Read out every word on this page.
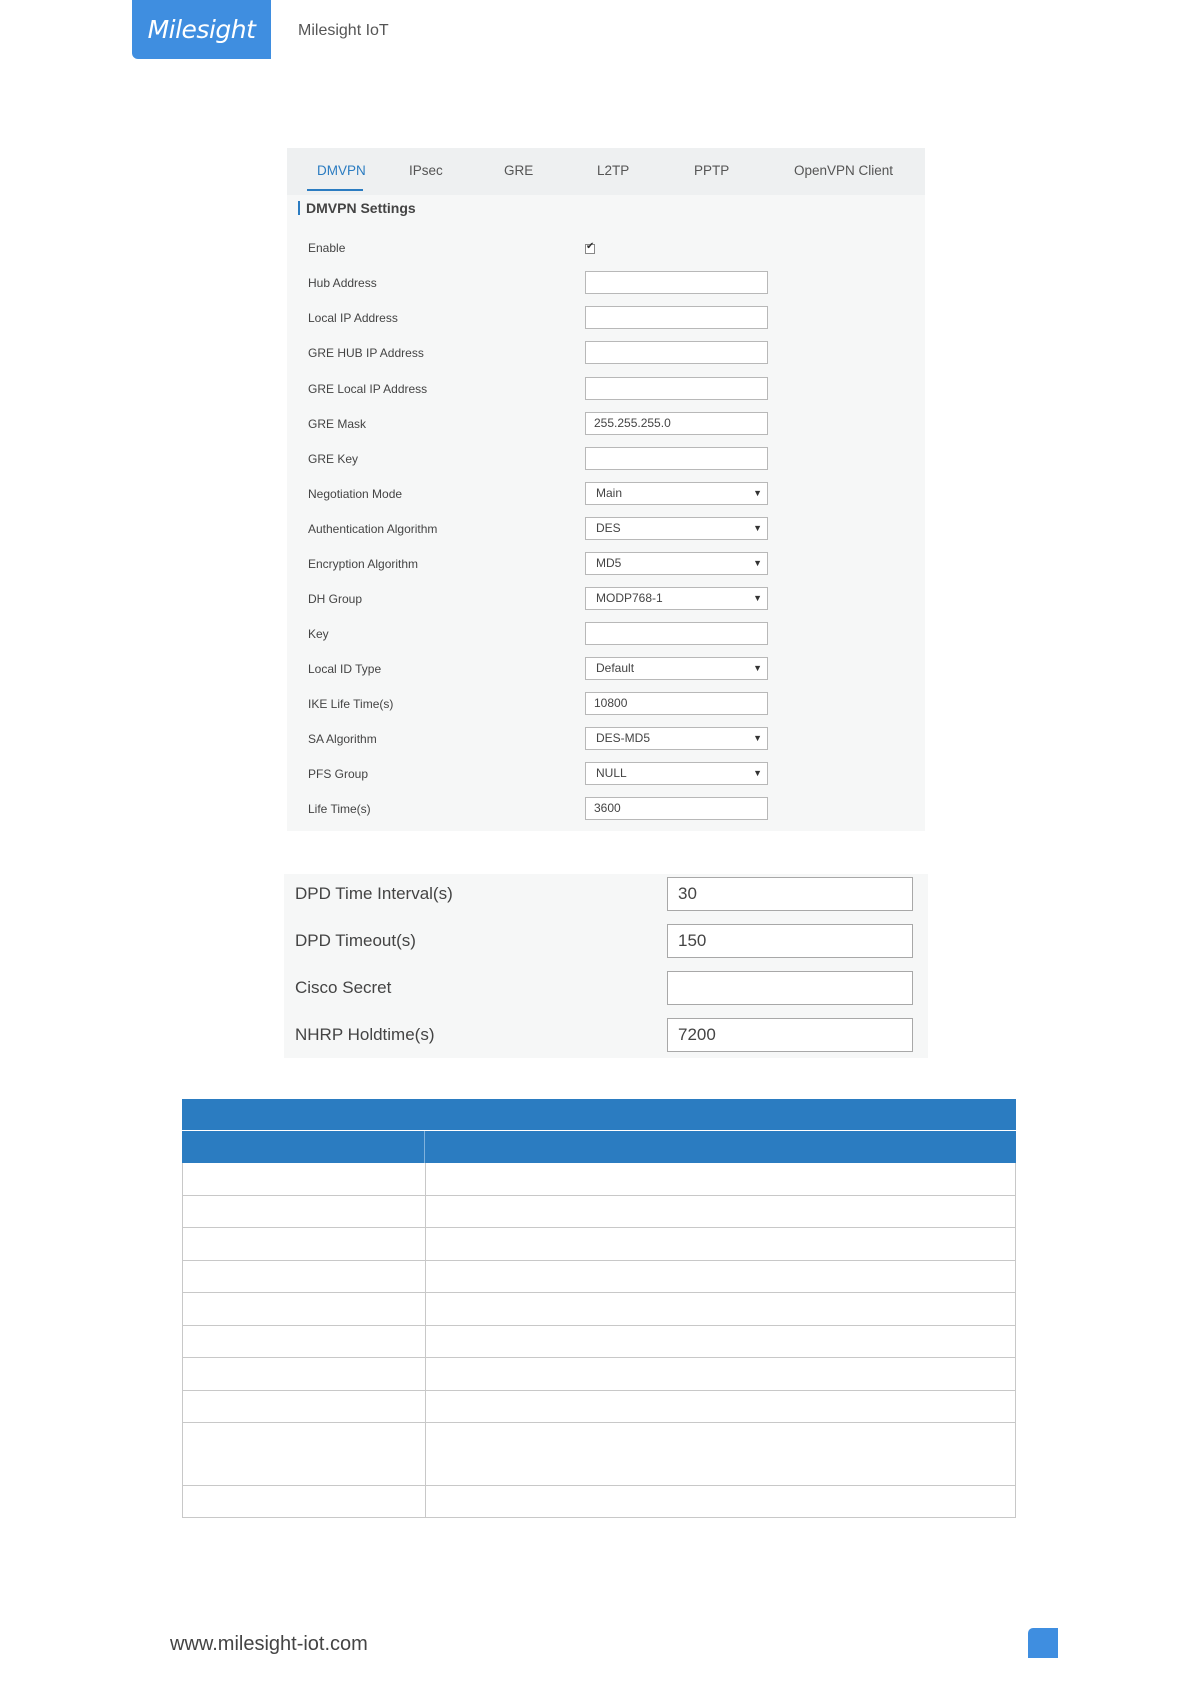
Milesight	Milesight IoT
DMVPN	IPsec	GRE	L2TP	PPTP	OpenVPN Client
DMVPN Settings
Enable	✔
Hub Address
Local IP Address
GRE HUB IP Address
GRE Local IP Address
GRE Mask	255.255.255.0
GRE Key
Negotiation Mode	Main	▼
Authentication Algorithm	DES	▼
Encryption Algorithm	MD5	▼
DH Group	MODP768-1	▼
Key
Local ID Type	Default	▼
IKE Life Time(s)	10800
SA Algorithm	DES-MD5	▼
PFS Group	NULL	▼
Life Time(s)	3600
DPD Time Interval(s)	30
DPD Timeout(s)	150
Cisco Secret
NHRP Holdtime(s)	7200
www.milesight-iot.com
